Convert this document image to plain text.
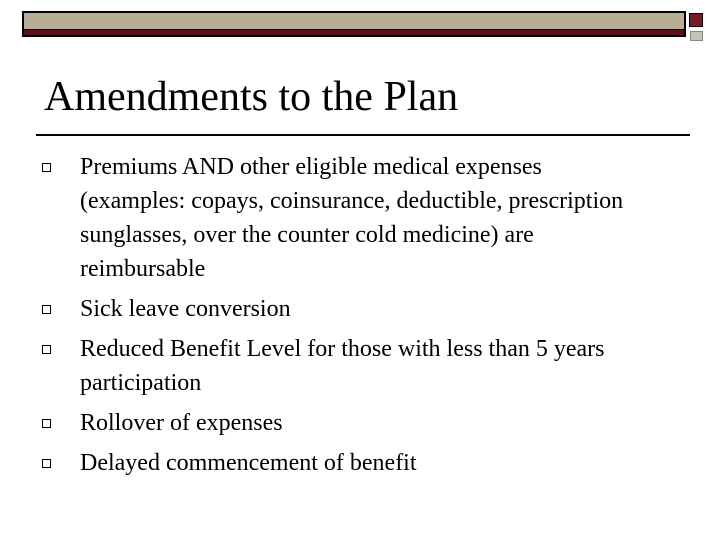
Amendments to the Plan
Premiums AND other eligible medical expenses (examples: copays, coinsurance, deductible, prescription sunglasses, over the counter cold medicine) are reimbursable
Sick leave conversion
Reduced Benefit Level for those with less than 5 years participation
Rollover of expenses
Delayed commencement of benefit
